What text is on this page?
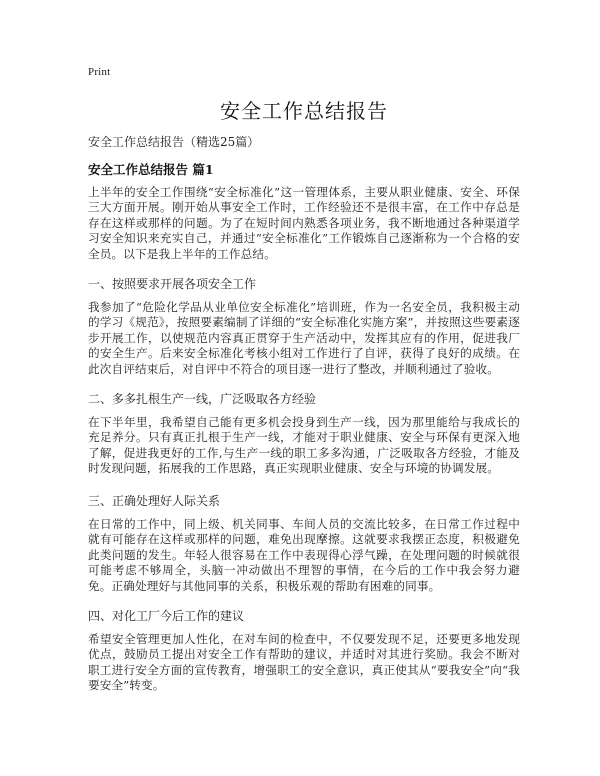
Print
安全工作总结报告
安全工作总结报告（精选25篇）
安全工作总结报告 篇1

上半年的安全工作围绕“安全标准化”这一管理体系，主要从职业健康、安全、环保三大方面开展。刚开始从事安全工作时，工作经验还不是很丰富，在工作中存总是存在这样或那样的问题。为了在短时间内熟悉各项业务，我不断地通过各种渠道学习安全知识来充实自己，并通过“安全标准化”工作锻炼自己逐渐称为一个合格的安全员。以下是我上半年的工作总结。

一、按照要求开展各项安全工作

我参加了“危险化学品从业单位安全标准化”培训班，作为一名安全员，我积极主动的学习《规范》，按照要素编制了详细的“安全标准化实施方案”，并按照这些要素逐步开展工作，以使规范内容真正贯穿于生产活动中，发挥其应有的作用，促进我厂的安全生产。后来安全标准化考核小组对工作进行了自评，获得了良好的成绩。在此次自评结束后，对自评中不符合的项目逐一进行了整改，并顺利通过了验收。

二、多多扎根生产一线，广泛吸取各方经验

在下半年里，我希望自己能有更多机会投身到生产一线，因为那里能给与我成长的充足养分。只有真正扎根于生产一线，才能对于职业健康、安全与环保有更深入地了解，促进我更好的工作,与生产一线的职工多多沟通，广泛吸取各方经验，才能及时发现问题，拓展我的工作思路，真正实现职业健康、安全与环境的协调发展。

三、正确处理好人际关系

在日常的工作中，同上级、机关同事、车间人员的交流比较多，在日常工作过程中就有可能存在这样或那样的问题，难免出现摩擦。这就要求我摆正态度，积极避免此类问题的发生。年轻人很容易在工作中表现得心浮气躁，在处理问题的时候就很可能考虑不够周全，头脑一冲动做出不理智的事情，在今后的工作中我会努力避免。正确处理好与其他同事的关系，积极乐观的帮助有困难的同事。

四、对化工厂今后工作的建议

希望安全管理更加人性化，在对车间的检查中，不仅要发现不足，还要更多地发现优点，鼓励员工提出对安全工作有帮助的建议，并适时对其进行奖励。我会不断对职工进行安全方面的宣传教育，增强职工的安全意识，真正使其从“要我安全”向“我要安全”转变。
